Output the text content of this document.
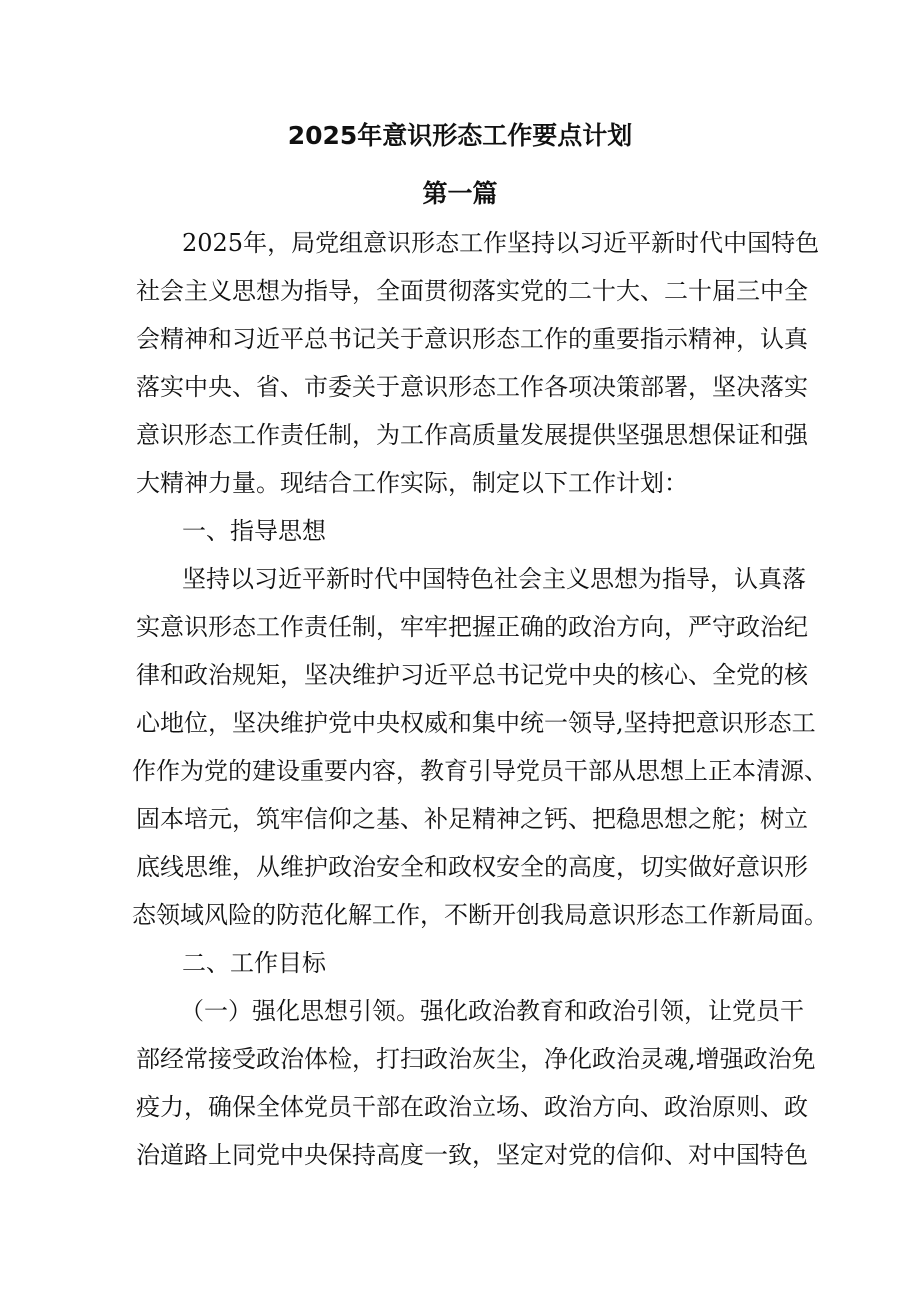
2025年意识形态工作要点计划
第一篇
2025年，局党组意识形态工作坚持以习近平新时代中国特色
社会主义思想为指导，全面贯彻落实党的二十大、二十届三中全
会精神和习近平总书记关于意识形态工作的重要指示精神，认真
落实中央、省、市委关于意识形态工作各项决策部署，坚决落实
意识形态工作责任制，为工作高质量发展提供坚强思想保证和强
大精神力量。现结合工作实际，制定以下工作计划：
一、指导思想
坚持以习近平新时代中国特色社会主义思想为指导，认真落
实意识形态工作责任制，牢牢把握正确的政治方向，严守政治纪
律和政治规矩，坚决维护习近平总书记党中央的核心、全党的核
心地位，坚决维护党中央权威和集中统一领导,坚持把意识形态工
作作为党的建设重要内容，教育引导党员干部从思想上正本清源、
固本培元，筑牢信仰之基、补足精神之钙、把稳思想之舵；树立
底线思维，从维护政治安全和政权安全的高度，切实做好意识形
态领域风险的防范化解工作，不断开创我局意识形态工作新局面。
二、工作目标
（一）强化思想引领。强化政治教育和政治引领，让党员干
部经常接受政治体检，打扫政治灰尘，净化政治灵魂,增强政治免
疫力，确保全体党员干部在政治立场、政治方向、政治原则、政
治道路上同党中央保持高度一致，坚定对党的信仰、对中国特色
